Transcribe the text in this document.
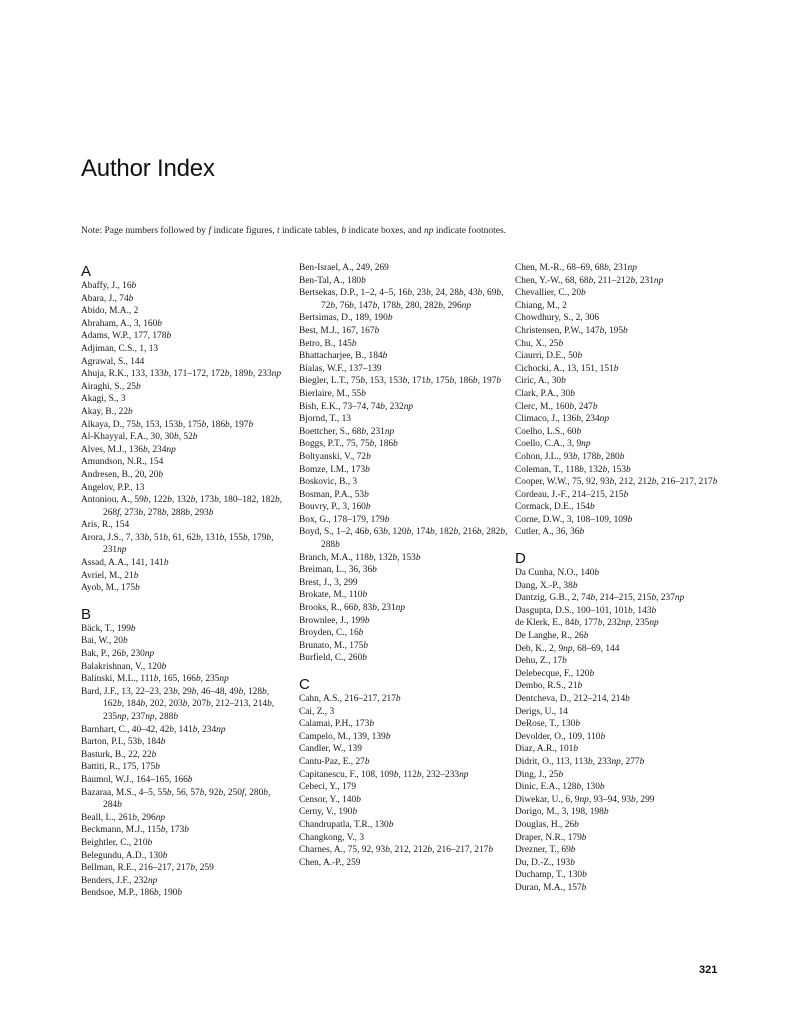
Author Index
Note: Page numbers followed by f indicate figures, t indicate tables, b indicate boxes, and np indicate footnotes.
A
Abaffy, J., 16b
Abara, J., 74b
Abido, M.A., 2
Abraham, A., 3, 160b
Adams, W.P., 177, 178b
Adjiman, C.S., 1, 13
Agrawal, S., 144
Ahuja, R.K., 133, 133b, 171–172, 172b, 189b, 233np
Airaghi, S., 25b
Akagi, S., 3
Akay, B., 22b
Alkaya, D., 75b, 153, 153b, 175b, 186b, 197b
Al-Khayyal, F.A., 30, 30b, 52b
Alves, M.J., 136b, 234np
Amundson, N.R., 154
Andresen, B., 20, 20b
Angelov, P.P., 13
Antoniou, A., 59b, 122b, 132b, 173b, 180–182, 182b, 268f, 273b, 278b, 288b, 293b
Aris, R., 154
Arora, J.S., 7, 33b, 51b, 61, 62b, 131b, 155b, 179b, 231np
Assad, A.A., 141, 141b
Avriel, M., 21b
Ayob, M., 175b
B
Bäck, T., 199b
Bai, W., 20b
Bak, P., 26b, 230np
Balakrishnan, V., 120b
Balinski, M.L., 111b, 165, 166b, 235np
Bard, J.F., 13, 22–23, 23b, 29b, 46–48, 49b, 128b, 162b, 184b, 202, 203b, 207b, 212–213, 214b, 235np, 237np, 288b
Barnhart, C., 40–42, 42b, 141b, 234np
Barton, P.I., 53b, 184b
Basturk, B., 22, 22b
Battiti, R., 175, 175b
Baumol, W.J., 164–165, 166b
Bazaraa, M.S., 4–5, 55b, 56, 57b, 92b, 250f, 280b, 284b
Beall, L., 261b, 296np
Beckmann, M.J., 115b, 173b
Beightler, C., 210b
Belegundu, A.D., 130b
Bellman, R.E., 216–217, 217b, 259
Benders, J.F., 232np
Bendsoe, M.P., 186b, 190b
Ben-Israel, A., 249, 269
Ben-Tal, A., 180b
Bertsekas, D.P., 1–2, 4–5, 16b, 23b, 24, 28b, 43b, 69b, 72b, 76b, 147b, 178b, 280, 282b, 296np
Bertsimas, D., 189, 190b
Best, M.J., 167, 167b
Betro, B., 145b
Bhattacharjee, B., 184b
Bialas, W.F., 137–139
Biegler, L.T., 75b, 153, 153b, 171b, 175b, 186b, 197b
Bierlaire, M., 55b
Bish, E.K., 73–74, 74b, 232np
Bjornd, T., 13
Boettcher, S., 68b, 231np
Boggs, P.T., 75, 75b, 186b
Boltyanski, V., 72b
Bomze, I.M., 173b
Boskovic, B., 3
Bosman, P.A., 53b
Bouvry, P., 3, 160b
Box, G., 178–179, 179b
Boyd, S., 1–2, 46b, 63b, 120b, 174b, 182b, 216b, 282b, 288b
Branch, M.A., 118b, 132b, 153b
Breiman, L., 36, 36b
Brest, J., 3, 299
Brokate, M., 110b
Brooks, R., 66b, 83b, 231np
Brownlee, J., 199b
Broyden, C., 16b
Brunato, M., 175b
Burfield, C., 260b
C
Cahn, A.S., 216–217, 217b
Cai, Z., 3
Calamai, P.H., 173b
Campelo, M., 139, 139b
Candler, W., 139
Cantu-Paz, E., 27b
Capitanescu, F., 108, 109b, 112b, 232–233np
Cebeci, Y., 179
Censor, Y., 140b
Cerny, V., 190b
Chandrupatla, T.R., 130b
Changkong, V., 3
Charnes, A., 75, 92, 93b, 212, 212b, 216–217, 217b
Chen, A.-P., 259
Chen, M.-R., 68–69, 68b, 231np
Chen, Y.-W., 68, 68b, 211–212b, 231np
Chevallier, C., 20b
Chiang, M., 2
Chowdhury, S., 2, 306
Christensen, P.W., 147b, 195b
Chu, X., 25b
Ciaurri, D.E., 50b
Cichocki, A., 13, 151, 151b
Ciric, A., 30b
Clark, P.A., 30b
Clerc, M., 160b, 247b
Climaco, J., 136b, 234np
Coelho, L.S., 60b
Coello, C.A., 3, 9np
Cohon, J.L., 93b, 178b, 280b
Coleman, T., 118b, 132b, 153b
Cooper, W.W., 75, 92, 93b, 212, 212b, 216–217, 217b
Cordeau, J.-F., 214–215, 215b
Cormack, D.E., 154b
Corne, D.W., 3, 108–109, 109b
Cutler, A., 36, 36b
D
Da Cunha, N.O., 140b
Dang, X.-P., 38b
Dantzig, G.B., 2, 74b, 214–215, 215b, 237np
Dasgupta, D.S., 100–101, 101b, 143b
de Klerk, E., 84b, 177b, 232np, 235np
De Langhe, R., 26b
Deb, K., 2, 9np, 68–69, 144
Dehu, Z., 17b
Delebecque, F., 120b
Dembo, R.S., 21b
Dentcheva, D., 212–214, 214b
Derigs, U., 14
DeRose, T., 130b
Devolder, O., 109, 110b
Diaz, A.R., 101b
Didrit, O., 113, 113b, 233np, 277b
Ding, J., 25b
Dinic, E.A., 128b, 130b
Diwekar, U., 6, 9np, 93–94, 93b, 299
Dorigo, M., 3, 198, 198b
Douglas, H., 26b
Draper, N.R., 179b
Drezner, T., 69b
Du, D.-Z., 193b
Duchamp, T., 130b
Duran, M.A., 157b
321
